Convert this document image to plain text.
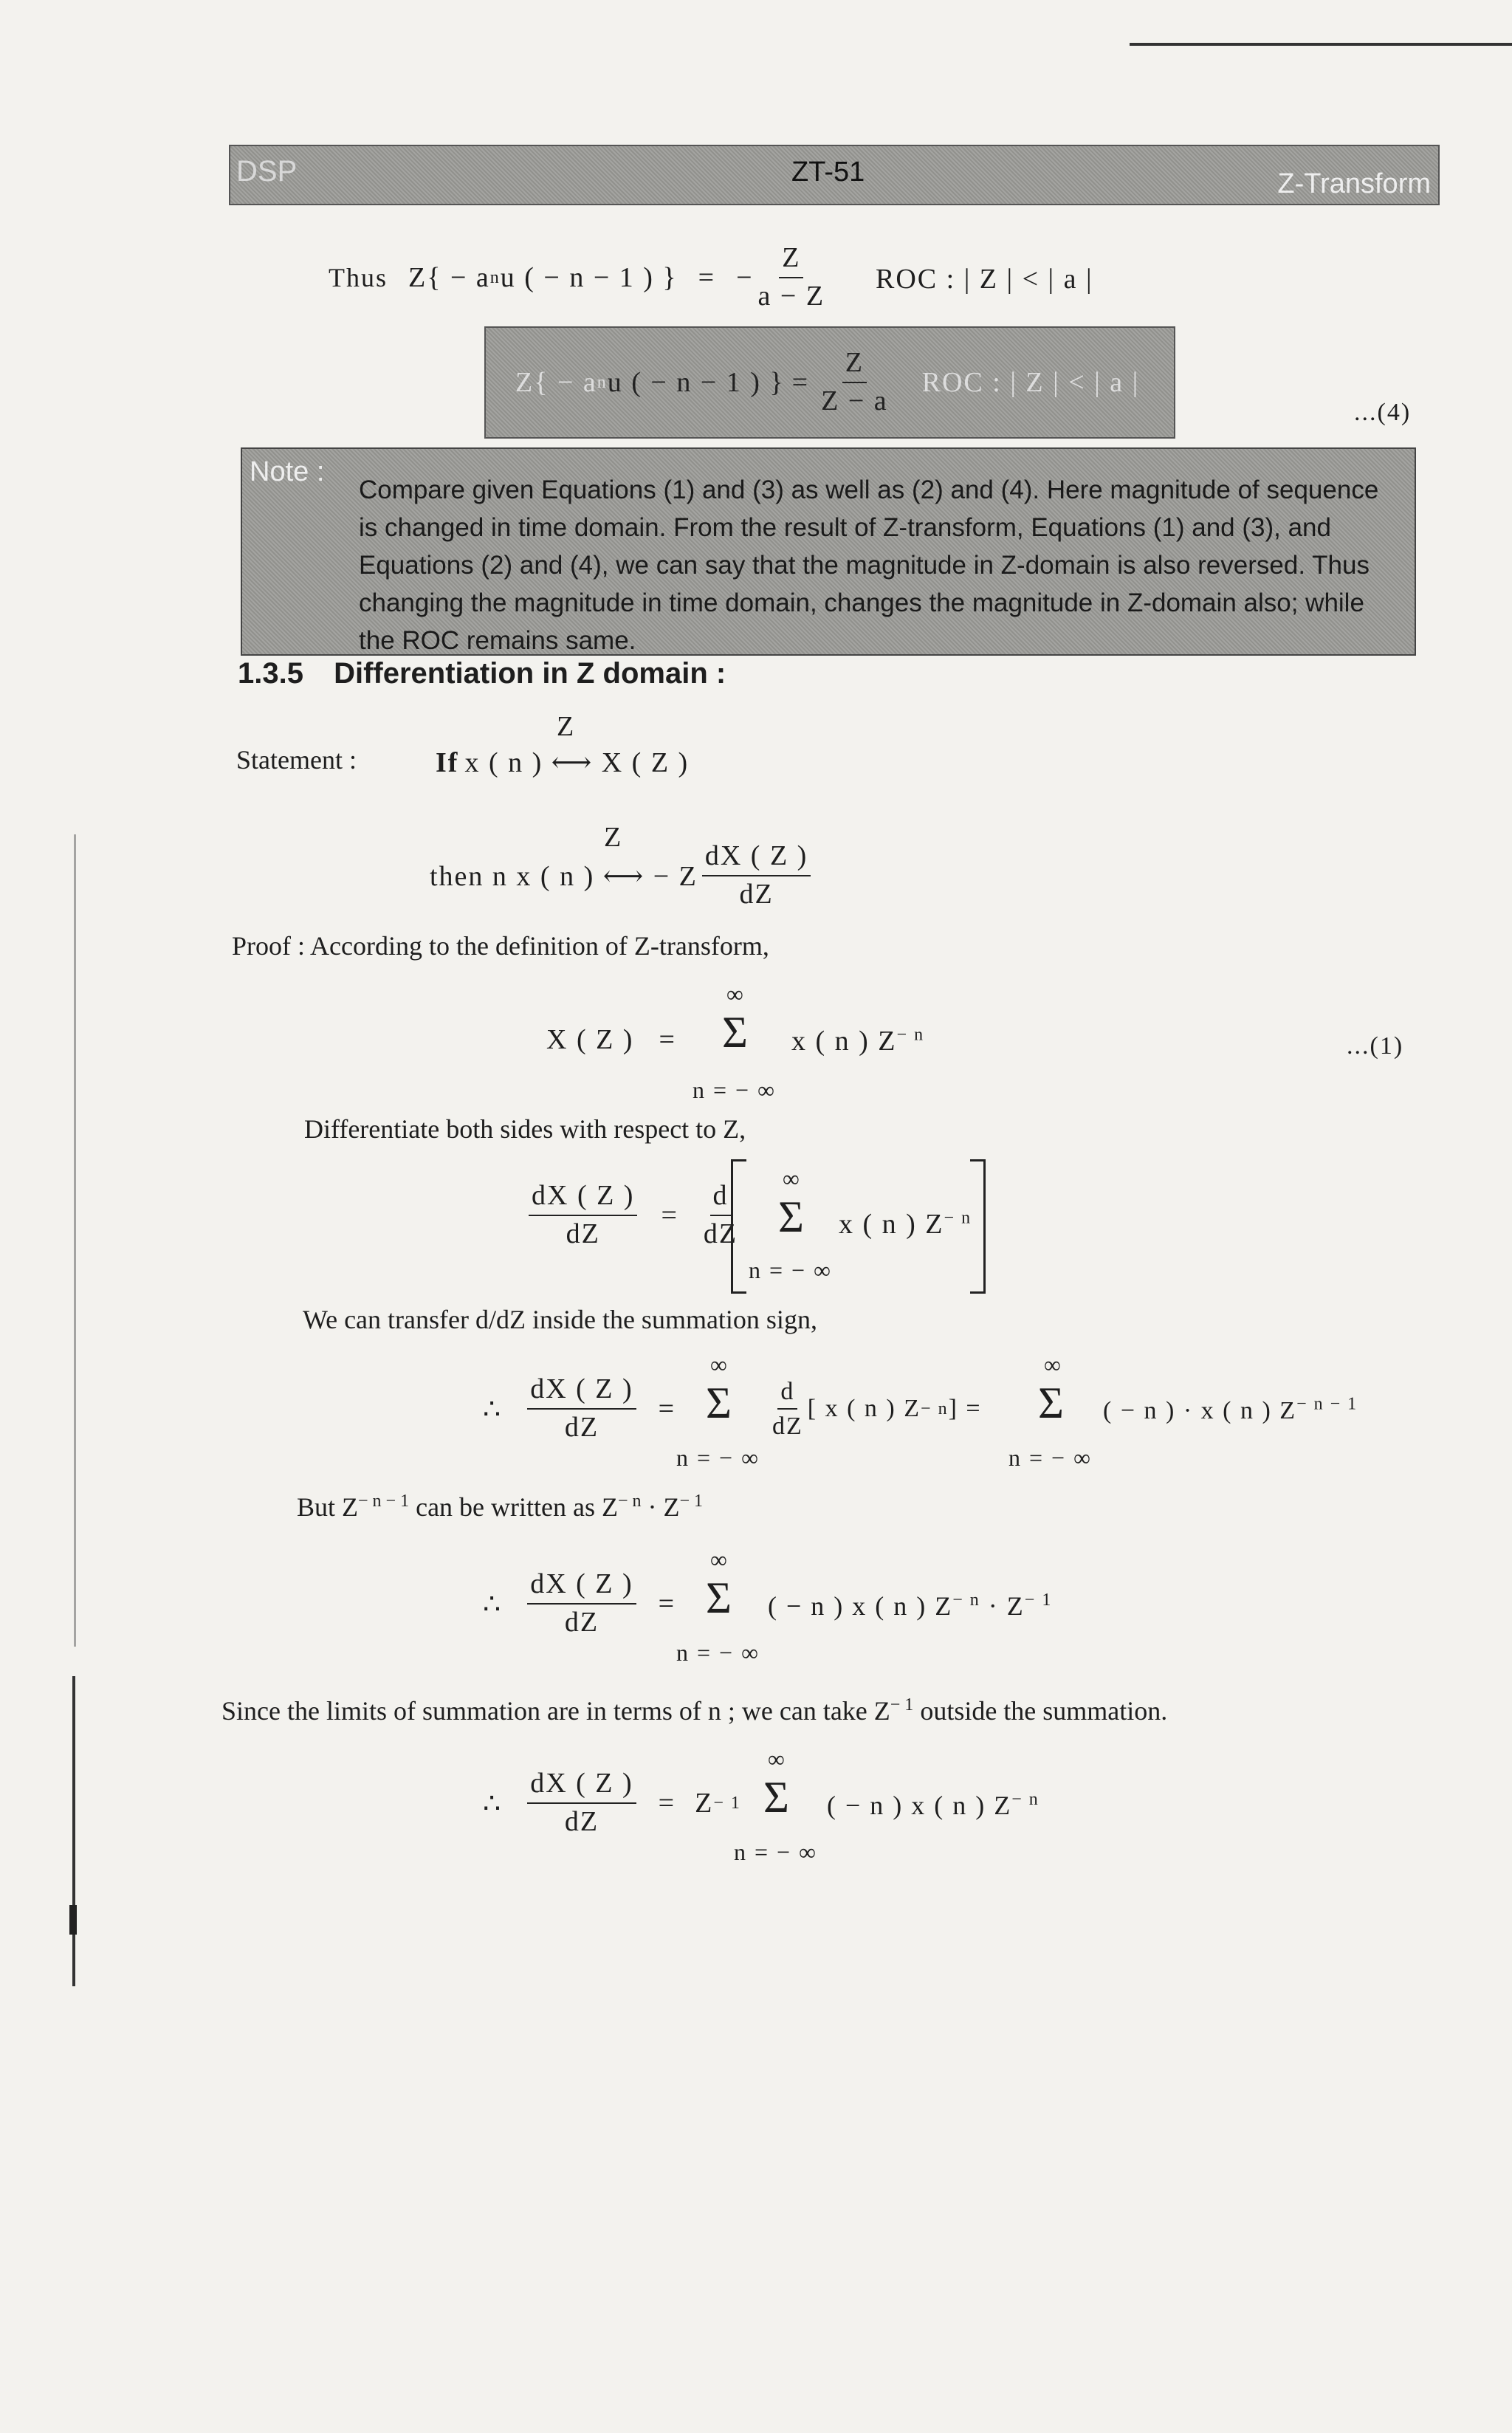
DSP	ZT-51	Z-Transform
Thus Z{ − a n u ( − n − 1 ) } = − $\frac{Z}{a - Z}$ ROC : | Z | < | a |
Z{ − a n u ( − n − 1 ) } = $\frac{Z}{Z - a}$ ROC : | Z | < | a |
...(4)
Note :
Compare given Equations (1) and (3) as well as (2) and (4). Here magnitude of sequence
is changed in time domain. From the result of Z-transform, Equations (1) and (3), and
Equations (2) and (4), we can say that the magnitude in Z-domain is also reversed. Thus
changing the magnitude in time domain, changes the magnitude in Z-domain also; while
the ROC remains same.
1.3.5 Differentiation in Z domain :
Statement :
Z
If x ( n ) ⟷ X ( Z )
Z
then n x ( n ) ⟷ − Z $\frac{dX ( Z )}{dZ}$
Proof : According to the definition of Z-transform,
X ( Z ) =
∞
Σ
n = − ∞
x ( n ) $Z^{- n}$	...(1)
Differentiate both sides with respect to Z,
$\frac{dX ( Z )}{dZ} = \frac{d}{dZ}$
∞
Σ
n = − ∞
x ( n ) $Z^{- n}$
We can transfer d/dZ inside the summation sign,
∴ $\frac{dX ( Z )}{dZ}$ =
∞
Σ
n = − ∞
$\frac{d}{dZ}$ [ x ( n ) Z − n ] =
∞
Σ
n = − ∞
( − n ) · x ( n ) $Z^{- n - 1}$
But $Z^{- n - 1}$ can be written as $Z^{- n} \cdot Z^{- 1}$
∴ $\frac{dX ( Z )}{dZ}$ =
∞
Σ
n = − ∞
( − n ) x ( n ) $Z^{- n} \cdot Z^{- 1}$
Since the limits of summation are in terms of n ; we can take $Z^{- 1}$ outside the summation.
∴ $\frac{dX ( Z )}{dZ} = Z - 1$
∞
Σ
n = − ∞
( − n ) x ( n ) $Z^{- n}$
